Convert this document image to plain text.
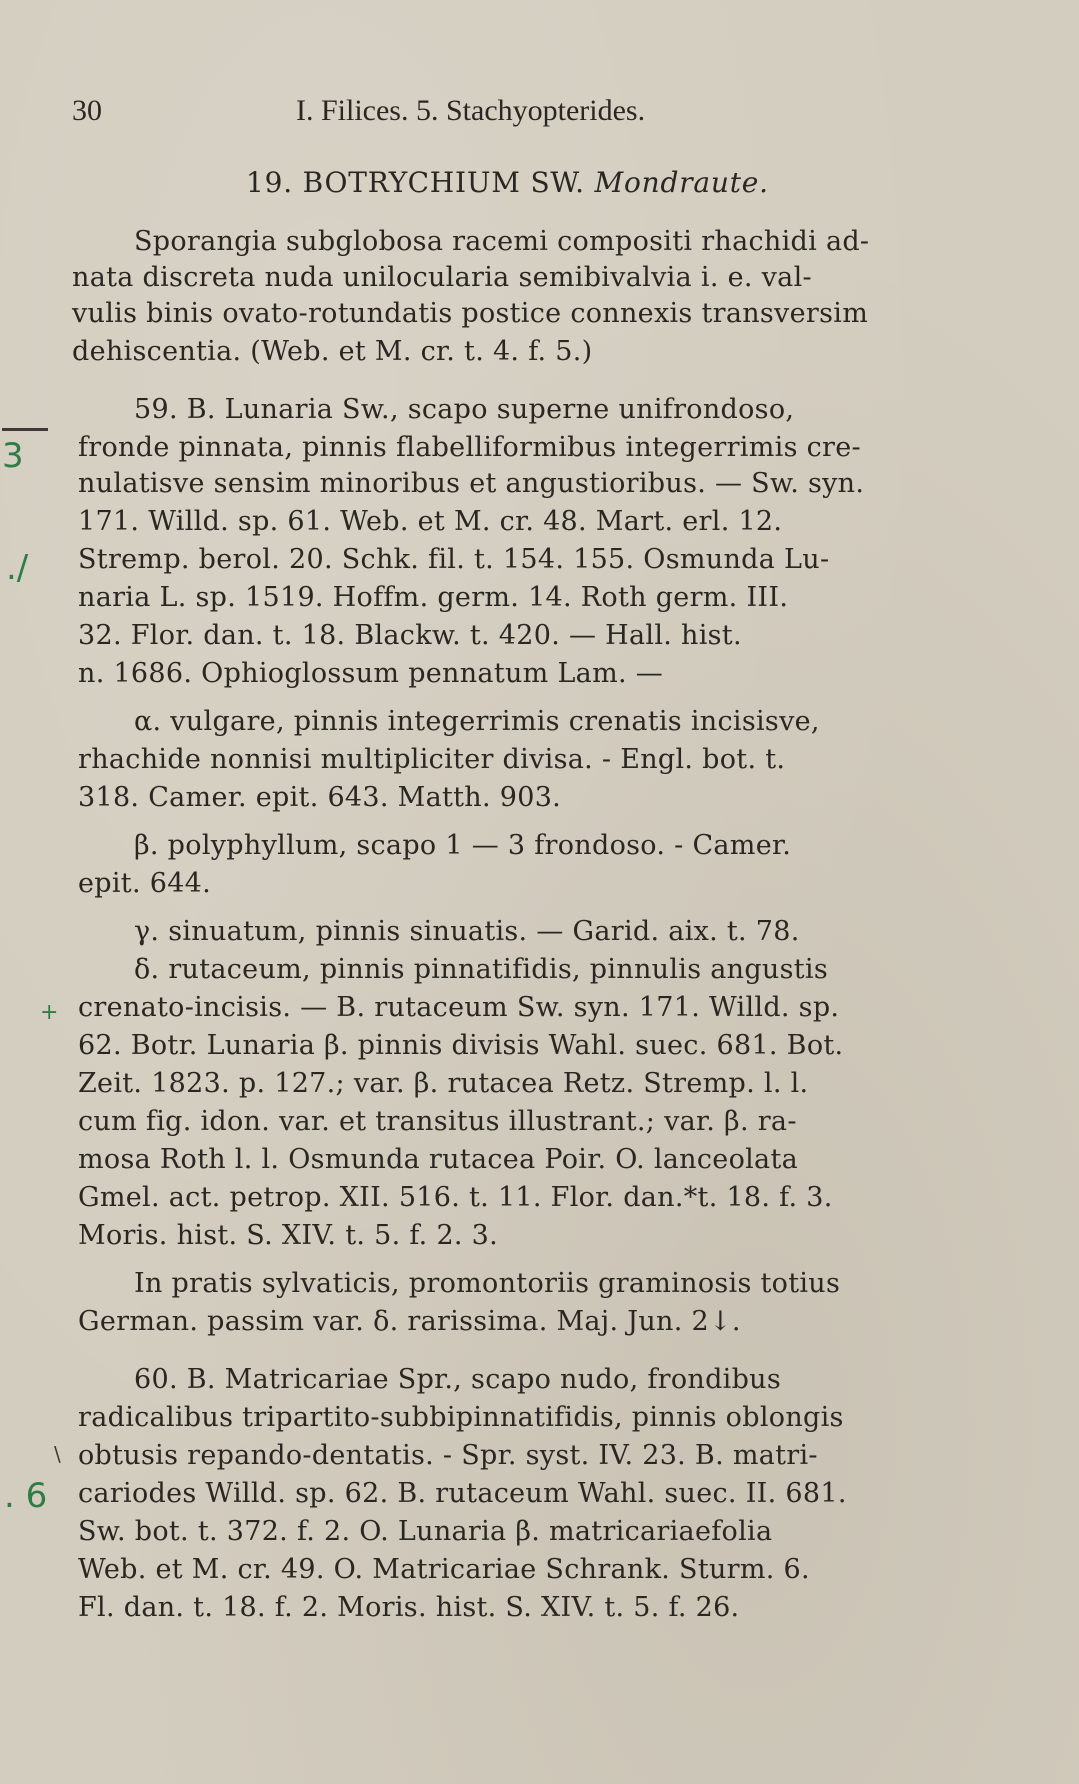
30	I. Filices. 5. Stachyopterides.
19. BOTRYCHIUM SW. Mondraute.
Sporangia subglobosa racemi compositi rhachidi ad-
nata discreta nuda unilocularia semibivalvia i. e. val-
vulis binis ovato-rotundatis postice connexis transversim
dehiscentia. (Web. et M. cr. t. 4. f. 5.)
59. B. Lunaria Sw., scapo superne unifrondoso,
fronde pinnata, pinnis flabelliformibus integerrimis cre-
nulatisve sensim minoribus et angustioribus. — Sw. syn.
171. Willd. sp. 61. Web. et M. cr. 48. Mart. erl. 12.
Stremp. berol. 20. Schk. fil. t. 154. 155. Osmunda Lu-
naria L. sp. 1519. Hoffm. germ. 14. Roth germ. III.
32. Flor. dan. t. 18. Blackw. t. 420. — Hall. hist.
n. 1686. Ophioglossum pennatum Lam. —
α. vulgare, pinnis integerrimis crenatis incisisve,
rhachide nonnisi multipliciter divisa. - Engl. bot. t.
318. Camer. epit. 643. Matth. 903.
β. polyphyllum, scapo 1 — 3 frondoso. - Camer.
epit. 644.
γ. sinuatum, pinnis sinuatis. — Garid. aix. t. 78.
δ. rutaceum, pinnis pinnatifidis, pinnulis angustis
crenato-incisis. — B. rutaceum Sw. syn. 171. Willd. sp.
62. Botr. Lunaria β. pinnis divisis Wahl. suec. 681. Bot.
Zeit. 1823. p. 127.; var. β. rutacea Retz. Stremp. l. l.
cum fig. idon. var. et transitus illustrant.; var. β. ra-
mosa Roth l. l. Osmunda rutacea Poir. O. lanceolata
Gmel. act. petrop. XII. 516. t. 11. Flor. dan.*t. 18. f. 3.
Moris. hist. S. XIV. t. 5. f. 2. 3.
In pratis sylvaticis, promontoriis graminosis totius
German. passim var. δ. rarissima. Maj. Jun. 2↓.
60. B. Matricariae Spr., scapo nudo, frondibus
radicalibus tripartito-subbipinnatifidis, pinnis oblongis
obtusis repando-dentatis. - Spr. syst. IV. 23. B. matri-
cariodes Willd. sp. 62. B. rutaceum Wahl. suec. II. 681.
Sw. bot. t. 372. f. 2. O. Lunaria β. matricariaefolia
Web. et M. cr. 49. O. Matricariae Schrank. Sturm. 6.
Fl. dan. t. 18. f. 2. Moris. hist. S. XIV. t. 5. f. 26.
3
./
+
\
. 6
